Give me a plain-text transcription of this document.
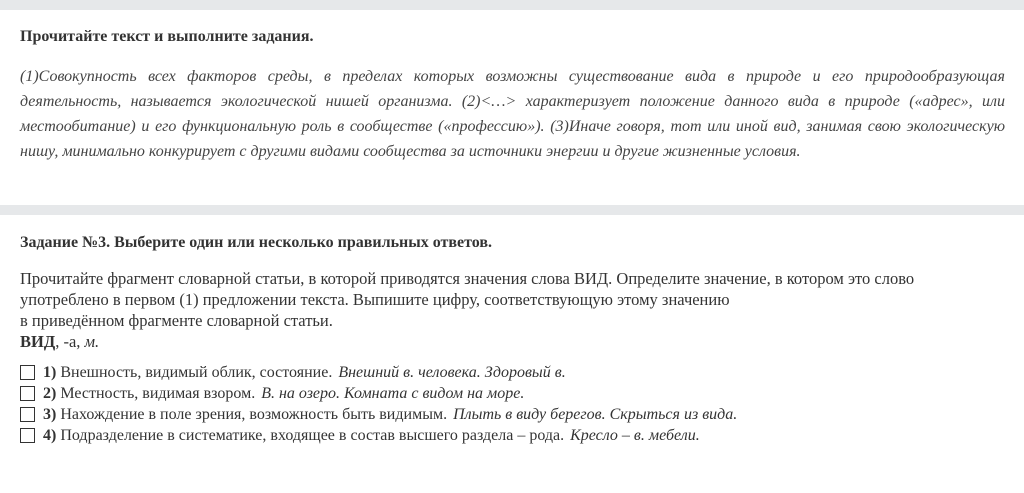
Прочитайте текст и выполните задания.
(1)Совокупность всех факторов среды, в пределах которых возможны существование вида в природе и его природообразующая деятельность, называется экологической нишей организма. (2)<…> характеризует положение данного вида в природе («адрес», или местообитание) и его функциональную роль в сообществе («профессию»). (3)Иначе говоря, тот или иной вид, занимая свою экологическую нишу, минимально конкурирует с другими видами сообщества за источники энергии и другие жизненные условия.
Задание №3. Выберите один или несколько правильных ответов.
Прочитайте фрагмент словарной статьи, в которой приводятся значения слова ВИД. Определите значение, в котором это слово
употреблено в первом (1) предложении текста. Выпишите цифру, соответствующую этому значению
в приведённом фрагменте словарной статьи.
ВИД, -а, м.
1) Внешность, видимый облик, состояние. Внешний в. человека. Здоровый в.
2) Местность, видимая взором. В. на озеро. Комната с видом на море.
3) Нахождение в поле зрения, возможность быть видимым. Плыть в виду берегов. Скрыться из вида.
4) Подразделение в систематике, входящее в состав высшего раздела – рода. Кресло – в. мебели.
